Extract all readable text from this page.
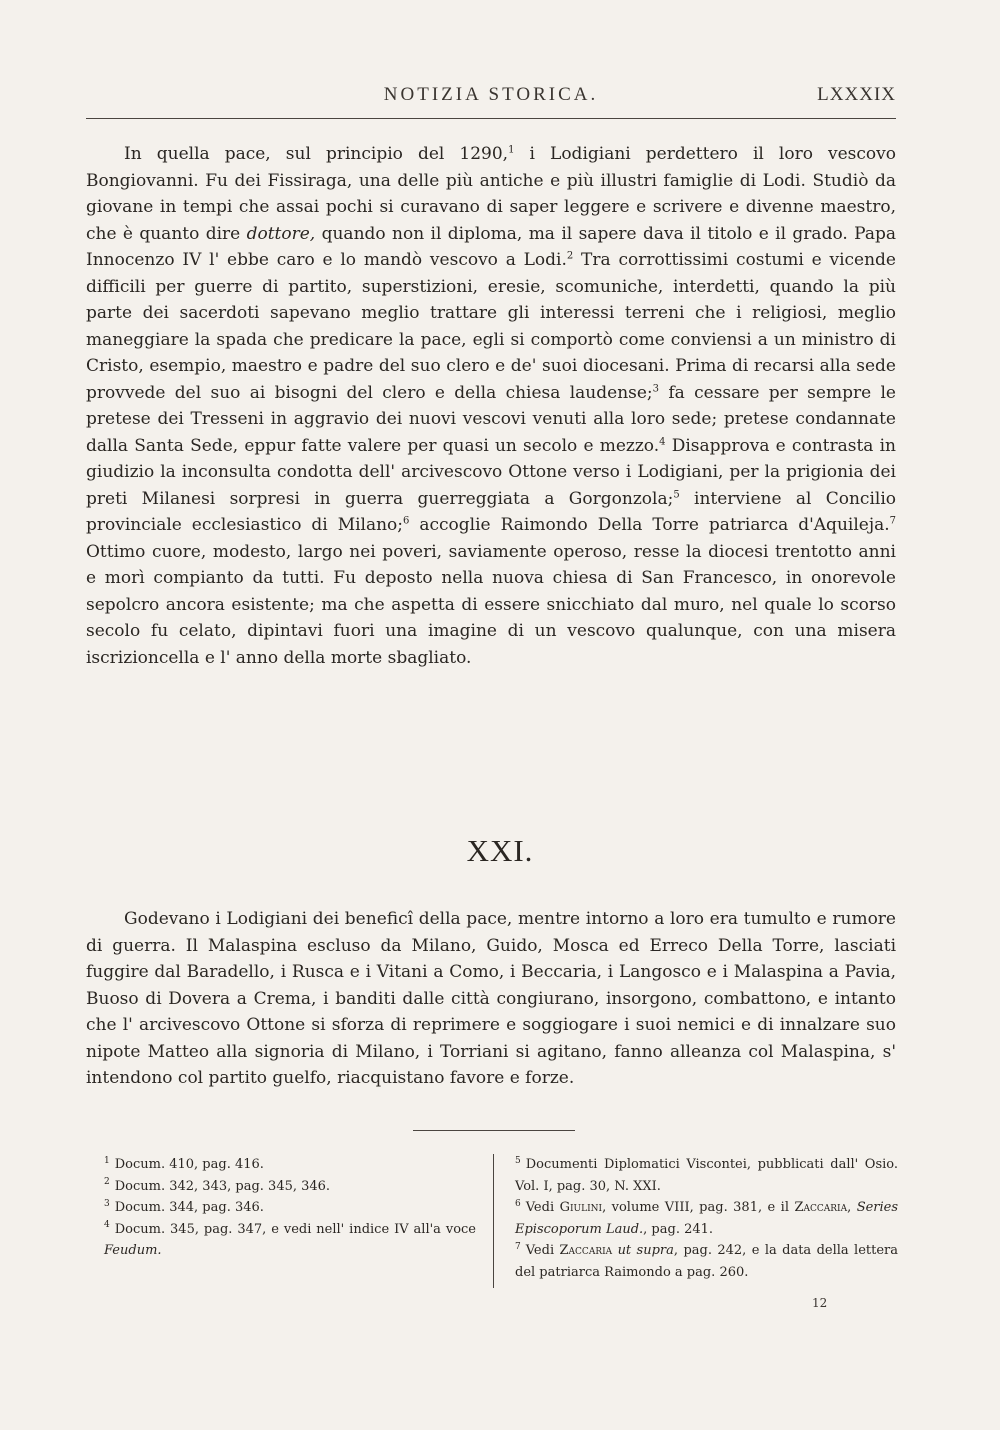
NOTIZIA STORICA.	LXXXIX

In quella pace, sul principio del 1290,$^1$ i Lodigiani perdettero il loro vescovo Bongiovanni. Fu dei Fissiraga, una delle più antiche e più illustri famiglie di Lodi. Studiò da giovane in tempi che assai pochi si curavano di saper leggere e scrivere e divenne maestro, che è quanto dire dottore, quando non il diploma, ma il sapere dava il titolo e il grado. Papa Innocenzo IV l' ebbe caro e lo mandò vescovo a Lodi.$^2$ Tra corrottissimi costumi e vicende difficili per guerre di partito, superstizioni, eresie, scomuniche, interdetti, quando la più parte dei sacerdoti sapevano meglio trattare gli interessi terreni che i religiosi, meglio maneggiare la spada che predicare la pace, egli si comportò come conviensi a un ministro di Cristo, esempio, maestro e padre del suo clero e de' suoi diocesani. Prima di recarsi alla sede provvede del suo ai bisogni del clero e della chiesa laudense;$^3$ fa cessare per sempre le pretese dei Tresseni in aggravio dei nuovi vescovi venuti alla loro sede; pretese condannate dalla Santa Sede, eppur fatte valere per quasi un secolo e mezzo.$^4$ Disapprova e contrasta in giudizio la inconsulta condotta dell' arcivescovo Ottone verso i Lodigiani, per la prigionia dei preti Milanesi sorpresi in guerra guerreggiata a Gorgonzola;$^5$ interviene al Concilio provinciale ecclesiastico di Milano;$^6$ accoglie Raimondo Della Torre patriarca d'Aquileja.$^7$ Ottimo cuore, modesto, largo nei poveri, saviamente operoso, resse la diocesi trentotto anni e morì compianto da tutti. Fu deposto nella nuova chiesa di San Francesco, in onorevole sepolcro ancora esistente; ma che aspetta di essere snicchiato dal muro, nel quale lo scorso secolo fu celato, dipintavi fuori una imagine di un vescovo qualunque, con una misera iscrizioncella e l' anno della morte sbagliato.

XXI.

Godevano i Lodigiani dei beneficî della pace, mentre intorno a loro era tumulto e rumore di guerra. Il Malaspina escluso da Milano, Guido, Mosca ed Erreco Della Torre, lasciati fuggire dal Baradello, i Rusca e i Vitani a Como, i Beccaria, i Langosco e i Malaspina a Pavia, Buoso di Dovera a Crema, i banditi dalle città congiurano, insorgono, combattono, e intanto che l' arcivescovo Ottone si sforza di reprimere e soggiogare i suoi nemici e di innalzare suo nipote Matteo alla signoria di Milano, i Torriani si agitano, fanno alleanza col Malaspina, s' intendono col partito guelfo, riacquistano favore e forze.

$^1$ Docum. 410, pag. 416.

$^2$ Docum. 342, 343, pag. 345, 346.

$^3$ Docum. 344, pag. 346.

$^4$ Docum. 345, pag. 347, e vedi nell' indice IV all'a voce Feudum.

$^5$ Documenti Diplomatici Viscontei, pubblicati dall' Osio. Vol. I, pag. 30, N. XXI.

$^6$ Vedi Giulini, volume VIII, pag. 381, e il Zaccaria, Series Episcoporum Laud., pag. 241.

$^7$ Vedi Zaccaria ut supra, pag. 242, e la data della lettera del patriarca Raimondo a pag. 260.

12
